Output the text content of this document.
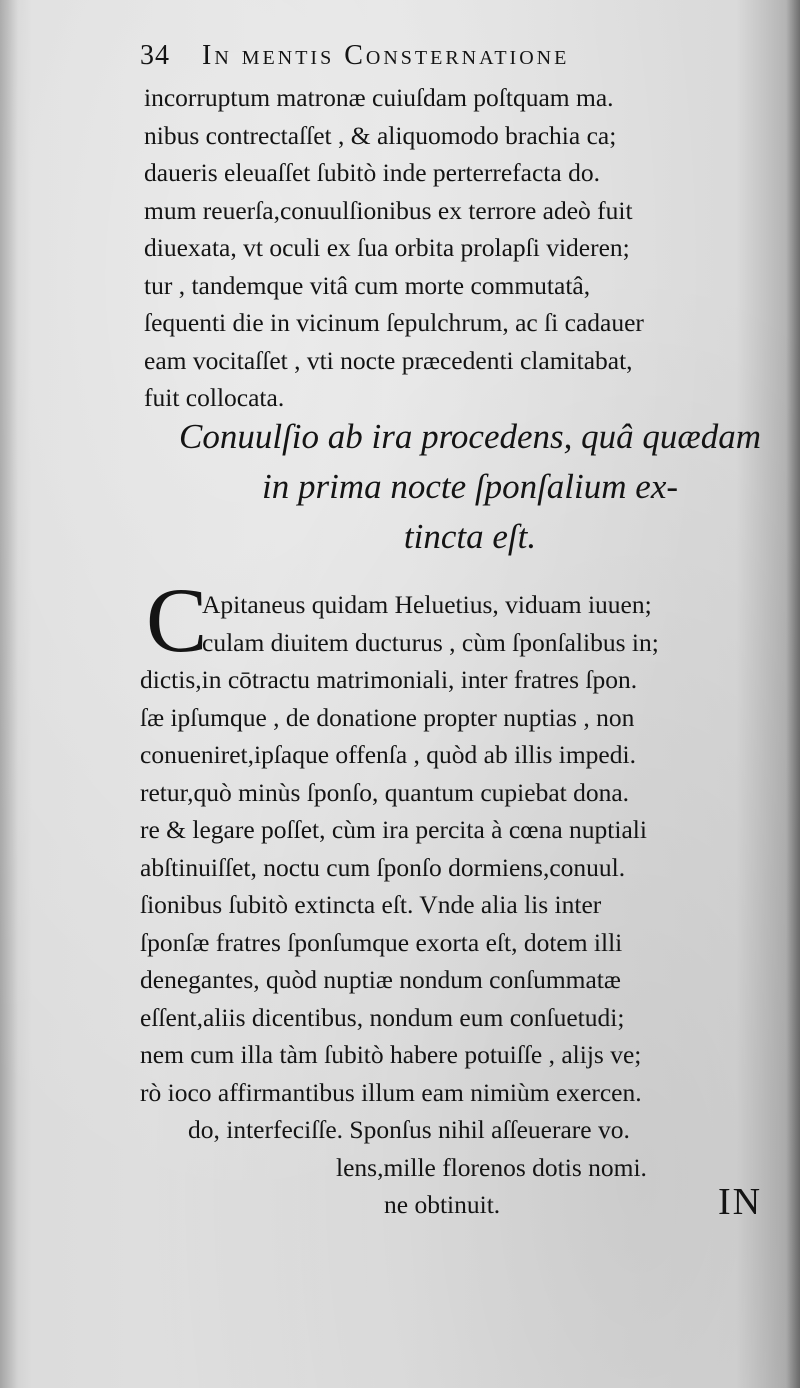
34 In mentis Consternatione
incorruptum matronæ cuiuſdam poſtquam ma.
nibus contrectaſſet , & aliquomodo brachia ca;
daueris eleuaſſet ſubitò inde perterrefacta do.
mum reuerſa,conuulſionibus ex terrore adeò fuit
diuexata, vt oculi ex ſua orbita prolapſi videren;
tur , tandemque vitâ cum morte commutatâ,
ſequenti die in vicinum ſepulchrum, ac ſi cadauer
eam vocitaſſet , vti nocte præcedenti clamitabat,
fuit collocata.
Conuulſio ab ira procedens, quâ quædam
in prima nocte ſponſalium ex-
tincta eſt.
C
Apitaneus quidam Heluetius, viduam iuuen;
culam diuitem ducturus , cùm ſponſalibus in;
dictis,in cōtractu matrimoniali, inter fratres ſpon.
ſæ ipſumque , de donatione propter nuptias , non
conueniret,ipſaque offenſa , quòd ab illis impedi.
retur,quò minùs ſponſo, quantum cupiebat dona.
re & legare poſſet, cùm ira percita à cœna nuptiali
abſtinuiſſet, noctu cum ſponſo dormiens,conuul.
ſionibus ſubitò extincta eſt. Vnde alia lis inter
ſponſæ fratres ſponſumque exorta eſt, dotem illi
denegantes, quòd nuptiæ nondum conſummatæ
eſſent,aliis dicentibus, nondum eum conſuetudi;
nem cum illa tàm ſubitò habere potuiſſe , alijs ve;
rò ioco affirmantibus illum eam nimiùm exercen.
do, interfeciſſe. Sponſus nihil aſſeuerare vo.
lens,mille florenos dotis nomi.
ne obtinuit.	IN
